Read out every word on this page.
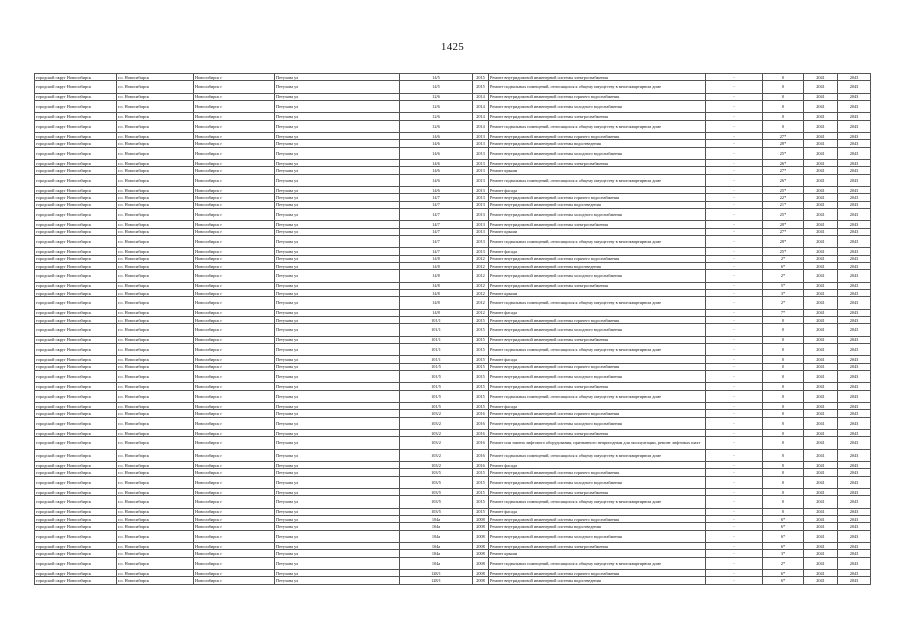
1425
городской округ Новосибирск	г.о. Новосибирск	Новосибирск г	Петухова ул	14/5	2015	Ремонт внутридомовой инженерной системы электроснабжения	-	0	2041	2043
городской округ Новосибирск	г.о. Новосибирск	Новосибирск г	Петухова ул	14/5	2015	Ремонт подвальных помещений, относящихся к общему имуществу в многоквартирном доме	-	0	2041	2043
городской округ Новосибирск	г.о. Новосибирск	Новосибирск г	Петухова ул	12/6	2014	Ремонт внутридомовой инженерной системы горячего водоснабжения	-	0	2041	2043
городской округ Новосибирск	г.о. Новосибирск	Новосибирск г	Петухова ул	12/6	2014	Ремонт внутридомовой инженерной системы холодного водоснабжения	-	0	2041	2043
городской округ Новосибирск	г.о. Новосибирск	Новосибирск г	Петухова ул	12/6	2014	Ремонт внутридомовой инженерной системы электроснабжения	-	0	2041	2043
городской округ Новосибирск	г.о. Новосибирск	Новосибирск г	Петухова ул	12/6	2014	Ремонт подвальных помещений, относящихся к общему имуществу в многоквартирном доме	-	0	2041	2043
городской округ Новосибирск	г.о. Новосибирск	Новосибирск г	Петухова ул	14/6	2013	Ремонт внутридомовой инженерной системы горячего водоснабжения	-	27*	2041	2043
городской округ Новосибирск	г.о. Новосибирск	Новосибирск г	Петухова ул	14/6	2013	Ремонт внутридомовой инженерной системы водоотведения	-	28*	2041	2043
городской округ Новосибирск	г.о. Новосибирск	Новосибирск г	Петухова ул	14/6	2013	Ремонт внутридомовой инженерной системы холодного водоснабжения	-	25*	2041	2043
городской округ Новосибирск	г.о. Новосибирск	Новосибирск г	Петухова ул	14/6	2013	Ремонт внутридомовой инженерной системы электроснабжения	-	26*	2041	2043
городской округ Новосибирск	г.о. Новосибирск	Новосибирск г	Петухова ул	14/6	2013	Ремонт крыши	-	27*	2041	2043
городской округ Новосибирск	г.о. Новосибирск	Новосибирск г	Петухова ул	14/6	2013	Ремонт подвальных помещений, относящихся к общему имуществу в многоквартирном доме	-	26*	2041	2043
городской округ Новосибирск	г.о. Новосибирск	Новосибирск г	Петухова ул	14/6	2013	Ремонт фасада	-	25*	2041	2043
городской округ Новосибирск	г.о. Новосибирск	Новосибирск г	Петухова ул	14/7	2013	Ремонт внутридомовой инженерной системы горячего водоснабжения	-	22*	2041	2043
городской округ Новосибирск	г.о. Новосибирск	Новосибирск г	Петухова ул	14/7	2013	Ремонт внутридомовой инженерной системы водоотведения	-	21*	2041	2043
городской округ Новосибирск	г.о. Новосибирск	Новосибирск г	Петухова ул	14/7	2013	Ремонт внутридомовой инженерной системы холодного водоснабжения	-	25*	2041	2043
городской округ Новосибирск	г.о. Новосибирск	Новосибирск г	Петухова ул	14/7	2013	Ремонт внутридомовой инженерной системы электроснабжения	-	28*	2041	2043
городской округ Новосибирск	г.о. Новосибирск	Новосибирск г	Петухова ул	14/7	2013	Ремонт крыши	-	27*	2041	2043
городской округ Новосибирск	г.о. Новосибирск	Новосибирск г	Петухова ул	14/7	2013	Ремонт подвальных помещений, относящихся к общему имуществу в многоквартирном доме	-	28*	2041	2043
городской округ Новосибирск	г.о. Новосибирск	Новосибирск г	Петухова ул	14/7	2013	Ремонт фасада	-	25*	2041	2043
городской округ Новосибирск	г.о. Новосибирск	Новосибирск г	Петухова ул	14/8	2012	Ремонт внутридомовой инженерной системы горячего водоснабжения	-	2*	2041	2043
городской округ Новосибирск	г.о. Новосибирск	Новосибирск г	Петухова ул	14/8	2012	Ремонт внутридомовой инженерной системы водоотведения	-	6*	2041	2043
городской округ Новосибирск	г.о. Новосибирск	Новосибирск г	Петухова ул	14/8	2012	Ремонт внутридомовой инженерной системы холодного водоснабжения	-	2*	2041	2043
городской округ Новосибирск	г.о. Новосибирск	Новосибирск г	Петухова ул	14/8	2012	Ремонт внутридомовой инженерной системы электроснабжения	-	5*	2041	2043
городской округ Новосибирск	г.о. Новосибирск	Новосибирск г	Петухова ул	14/8	2012	Ремонт крыши	-	3*	2041	2043
городской округ Новосибирск	г.о. Новосибирск	Новосибирск г	Петухова ул	14/8	2012	Ремонт подвальных помещений, относящихся к общему имуществу в многоквартирном доме	-	2*	2041	2043
городской округ Новосибирск	г.о. Новосибирск	Новосибирск г	Петухова ул	14/8	2012	Ремонт фасада	-	7*	2041	2043
городской округ Новосибирск	г.о. Новосибирск	Новосибирск г	Петухова ул	101/1	2015	Ремонт внутридомовой инженерной системы горячего водоснабжения	-	0	2041	2043
городской округ Новосибирск	г.о. Новосибирск	Новосибирск г	Петухова ул	101/1	2015	Ремонт внутридомовой инженерной системы холодного водоснабжения	-	0	2041	2043
городской округ Новосибирск	г.о. Новосибирск	Новосибирск г	Петухова ул	101/1	2015	Ремонт внутридомовой инженерной системы электроснабжения	-	0	2041	2043
городской округ Новосибирск	г.о. Новосибирск	Новосибирск г	Петухова ул	101/1	2015	Ремонт подвальных помещений, относящихся к общему имуществу в многоквартирном доме	-	0	2041	2043
городской округ Новосибирск	г.о. Новосибирск	Новосибирск г	Петухова ул	101/1	2015	Ремонт фасада	-	0	2041	2043
городской округ Новосибирск	г.о. Новосибирск	Новосибирск г	Петухова ул	101/5	2015	Ремонт внутридомовой инженерной системы горячего водоснабжения	-	0	2041	2043
городской округ Новосибирск	г.о. Новосибирск	Новосибирск г	Петухова ул	101/5	2015	Ремонт внутридомовой инженерной системы холодного водоснабжения	-	0	2041	2043
городской округ Новосибирск	г.о. Новосибирск	Новосибирск г	Петухова ул	101/5	2015	Ремонт внутридомовой инженерной системы электроснабжения	-	0	2041	2043
городской округ Новосибирск	г.о. Новосибирск	Новосибирск г	Петухова ул	101/5	2015	Ремонт подвальных помещений, относящихся к общему имуществу в многоквартирном доме	-	0	2041	2043
городской округ Новосибирск	г.о. Новосибирск	Новосибирск г	Петухова ул	101/5	2015	Ремонт фасада	-	0	2041	2043
городской округ Новосибирск	г.о. Новосибирск	Новосибирск г	Петухова ул	103/2	2016	Ремонт внутридомовой инженерной системы горячего водоснабжения	-	0	2041	2043
городской округ Новосибирск	г.о. Новосибирск	Новосибирск г	Петухова ул	103/2	2016	Ремонт внутридомовой инженерной системы холодного водоснабжения	-	0	2041	2043
городской округ Новосибирск	г.о. Новосибирск	Новосибирск г	Петухова ул	103/2	2016	Ремонт внутридомовой инженерной системы электроснабжения	-	0	2041	2043
городской округ Новосибирск	г.о. Новосибирск	Новосибирск г	Петухова ул	103/2	2016	Ремонт или замена лифтового оборудования, признанного непригодным для эксплуатации, ремонт лифтовых шахт	-	0	2041	2043
городской округ Новосибирск	г.о. Новосибирск	Новосибирск г	Петухова ул	103/2	2016	Ремонт подвальных помещений, относящихся к общему имуществу в многоквартирном доме	-	0	2041	2043
городской округ Новосибирск	г.о. Новосибирск	Новосибирск г	Петухова ул	103/2	2016	Ремонт фасада	-	0	2041	2043
городской округ Новосибирск	г.о. Новосибирск	Новосибирск г	Петухова ул	103/5	2015	Ремонт внутридомовой инженерной системы горячего водоснабжения	-	0	2041	2043
городской округ Новосибирск	г.о. Новосибирск	Новосибирск г	Петухова ул	103/5	2015	Ремонт внутридомовой инженерной системы холодного водоснабжения	-	0	2041	2043
городской округ Новосибирск	г.о. Новосибирск	Новосибирск г	Петухова ул	103/5	2015	Ремонт внутридомовой инженерной системы электроснабжения	-	0	2041	2043
городской округ Новосибирск	г.о. Новосибирск	Новосибирск г	Петухова ул	103/5	2015	Ремонт подвальных помещений, относящихся к общему имуществу в многоквартирном доме	-	0	2041	2043
городской округ Новосибирск	г.о. Новосибирск	Новосибирск г	Петухова ул	103/5	2015	Ремонт фасада	-	0	2041	2043
городской округ Новосибирск	г.о. Новосибирск	Новосибирск г	Петухова ул	104а	2008	Ремонт внутридомовой инженерной системы горячего водоснабжения	-	6*	2041	2043
городской округ Новосибирск	г.о. Новосибирск	Новосибирск г	Петухова ул	104а	2008	Ремонт внутридомовой инженерной системы водоотведения	-	6*	2041	2043
городской округ Новосибирск	г.о. Новосибирск	Новосибирск г	Петухова ул	104а	2008	Ремонт внутридомовой инженерной системы холодного водоснабжения	-	6*	2041	2043
городской округ Новосибирск	г.о. Новосибирск	Новосибирск г	Петухова ул	104а	2008	Ремонт внутридомовой инженерной системы электроснабжения	-	6*	2041	2043
городской округ Новосибирск	г.о. Новосибирск	Новосибирск г	Петухова ул	104а	2008	Ремонт крыши	-	3*	2041	2043
городской округ Новосибирск	г.о. Новосибирск	Новосибирск г	Петухова ул	104а	2008	Ремонт подвальных помещений, относящихся к общему имуществу в многоквартирном доме	-	2*	2041	2043
городской округ Новосибирск	г.о. Новосибирск	Новосибирск г	Петухова ул	128/1	2008	Ремонт внутридомовой инженерной системы горячего водоснабжения	-	6*	2041	2043
городской округ Новосибирск	г.о. Новосибирск	Новосибирск г	Петухова ул	128/1	2008	Ремонт внутридомовой инженерной системы водоотведения	-	6*	2041	2043
